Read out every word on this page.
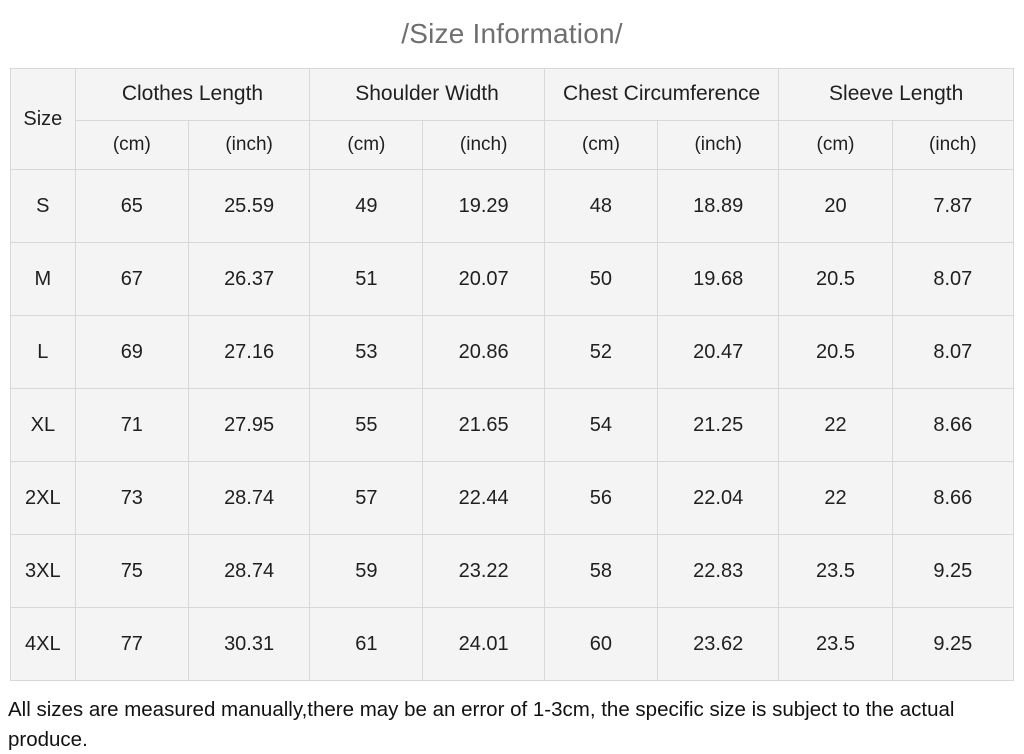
/Size Information/
Size	Clothes Length		Shoulder Width		Chest Circumference		Sleeve Length	
	(cm)	(inch)	(cm)	(inch)	(cm)	(inch)	(cm)	(inch)
S	65	25.59	49	19.29	48	18.89	20	7.87
M	67	26.37	51	20.07	50	19.68	20.5	8.07
L	69	27.16	53	20.86	52	20.47	20.5	8.07
XL	71	27.95	55	21.65	54	21.25	22	8.66
2XL	73	28.74	57	22.44	56	22.04	22	8.66
3XL	75	28.74	59	23.22	58	22.83	23.5	9.25
4XL	77	30.31	61	24.01	60	23.62	23.5	9.25
All sizes are measured manually,there may be an error of 1-3cm, the specific size is subject to the actual produce.
